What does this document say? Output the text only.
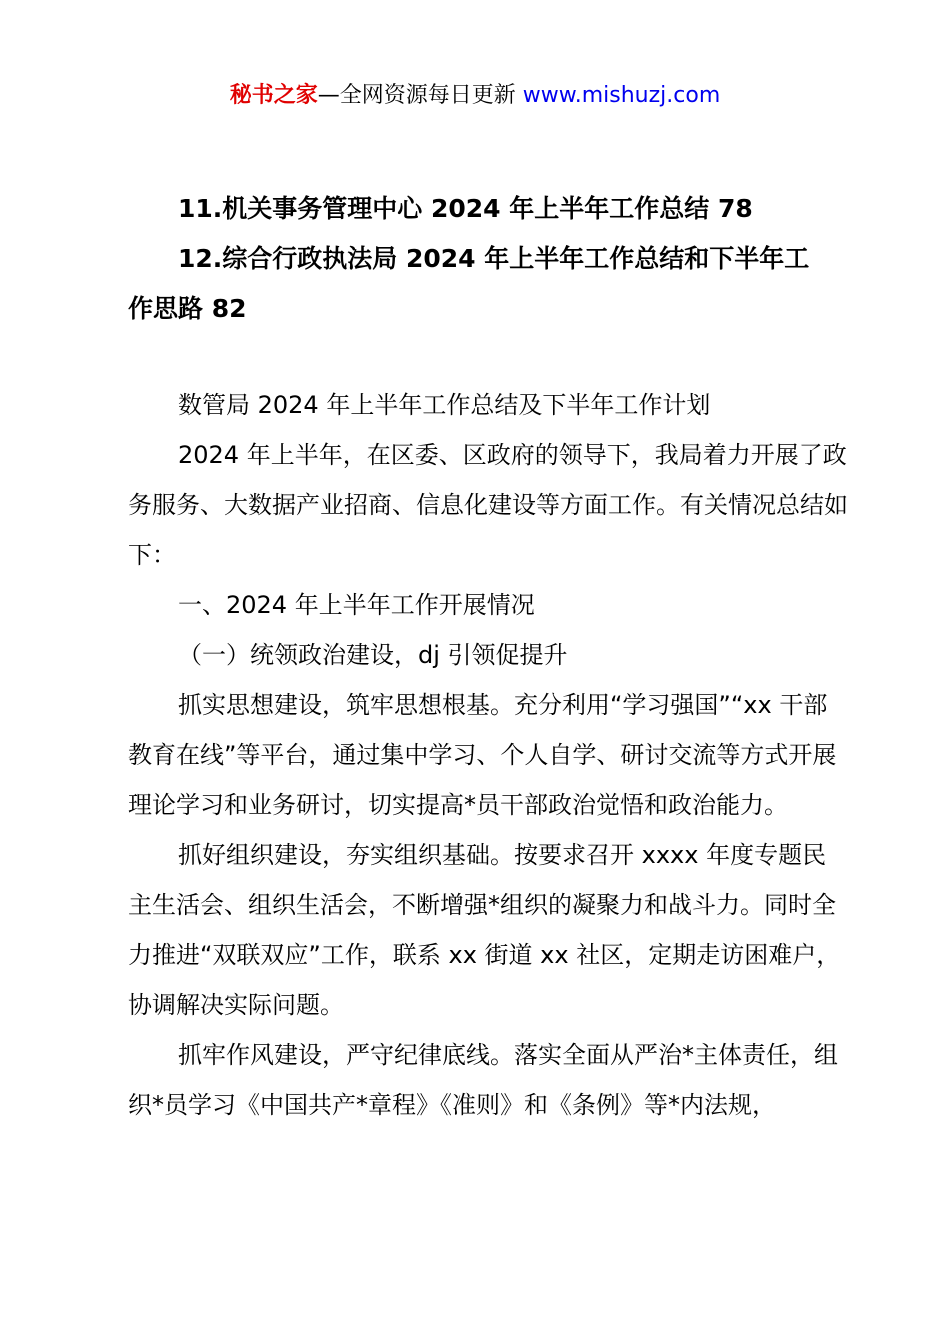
秘书之家—全网资源每日更新 www.mishuzj.com

11.机关事务管理中心 2024 年上半年工作总结 78

12.综合行政执法局 2024 年上半年工作总结和下半年工

作思路 82

数管局 2024 年上半年工作总结及下半年工作计划

2024 年上半年，在区委、区政府的领导下，我局着力开展了政务服务、大数据产业招商、信息化建设等方面工作。有关情况总结如下：

一、2024 年上半年工作开展情况

（一）统领政治建设，dj 引领促提升

抓实思想建设，筑牢思想根基。充分利用“学习强国”“xx 干部教育在线”等平台，通过集中学习、个人自学、研讨交流等方式开展理论学习和业务研讨，切实提高*员干部政治觉悟和政治能力。

抓好组织建设，夯实组织基础。按要求召开 xxxx 年度专题民主生活会、组织生活会，不断增强*组织的凝聚力和战斗力。同时全力推进“双联双应”工作，联系 xx 街道 xx 社区，定期走访困难户，协调解决实际问题。

抓牢作风建设，严守纪律底线。落实全面从严治*主体责任，组织*员学习《中国共产*章程》《准则》和《条例》等*内法规，
